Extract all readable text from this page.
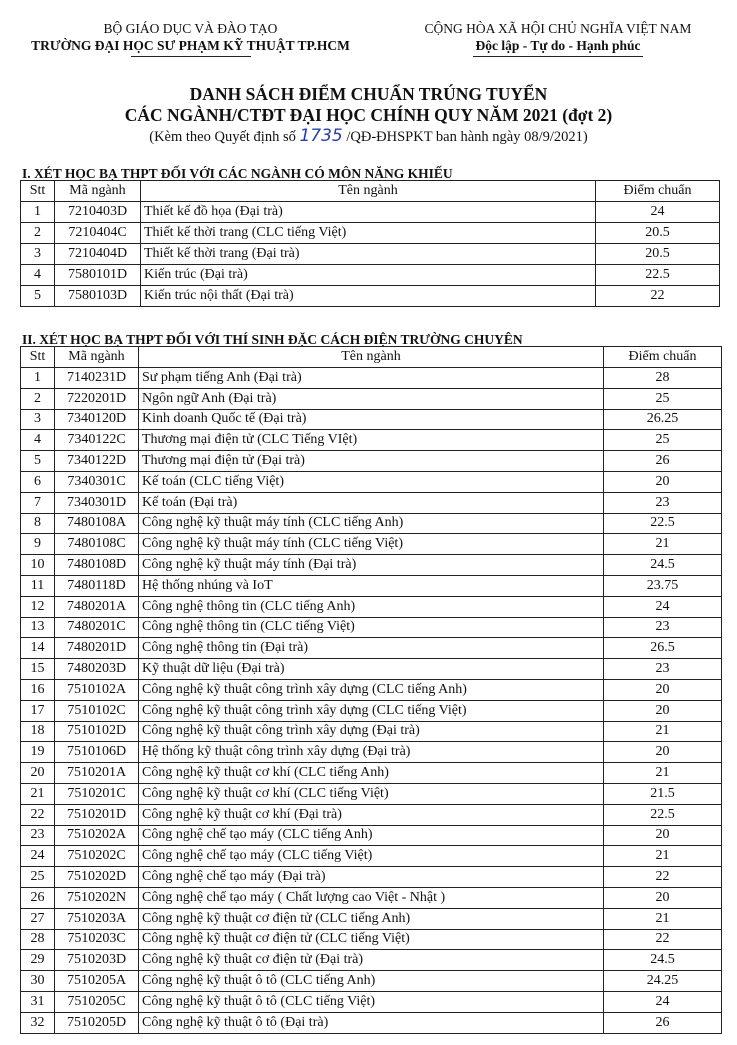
BỘ GIÁO DỤC VÀ ĐÀO TẠO
TRƯỜNG ĐẠI HỌC SƯ PHẠM KỸ THUẬT TP.HCM
CỘNG HÒA XÃ HỘI CHỦ NGHĨA VIỆT NAM
Độc lập - Tự do - Hạnh phúc
DANH SÁCH ĐIỂM CHUẨN TRÚNG TUYỂN
CÁC NGÀNH/CTĐT ĐẠI HỌC CHÍNH QUY NĂM 2021 (đợt 2)
(Kèm theo Quyết định số 1735 /QĐ-ĐHSPKT ban hành ngày 08/9/2021)
I. XÉT HỌC BẠ THPT ĐỐI VỚI CÁC NGÀNH CÓ MÔN NĂNG KHIẾU
Stt	Mã ngành	Tên ngành	Điểm chuẩn
1	7210403D	Thiết kế đồ họa (Đại trà)	24
2	7210404C	Thiết kế thời trang (CLC tiếng Việt)	20.5
3	7210404D	Thiết kế thời trang (Đại trà)	20.5
4	7580101D	Kiến trúc (Đại trà)	22.5
5	7580103D	Kiến trúc nội thất (Đại trà)	22
II. XÉT HỌC BẠ THPT ĐỐI VỚI THÍ SINH ĐẶC CÁCH ĐIỆN TRƯỜNG CHUYÊN
Stt	Mã ngành	Tên ngành	Điểm chuẩn
1	7140231D	Sư phạm tiếng Anh (Đại trà)	28
2	7220201D	Ngôn ngữ Anh (Đại trà)	25
3	7340120D	Kinh doanh Quốc tế (Đại trà)	26.25
4	7340122C	Thương mại điện tử (CLC Tiếng VIệt)	25
5	7340122D	Thương mại điện tử (Đại trà)	26
6	7340301C	Kế toán (CLC tiếng Việt)	20
7	7340301D	Kế toán (Đại trà)	23
8	7480108A	Công nghệ kỹ thuật máy tính (CLC tiếng Anh)	22.5
9	7480108C	Công nghệ kỹ thuật máy tính (CLC tiếng Việt)	21
10	7480108D	Công nghệ kỹ thuật máy tính (Đại trà)	24.5
11	7480118D	Hệ thống nhúng và IoT	23.75
12	7480201A	Công nghệ thông tin (CLC tiếng Anh)	24
13	7480201C	Công nghệ thông tin (CLC tiếng Việt)	23
14	7480201D	Công nghệ thông tin (Đại trà)	26.5
15	7480203D	Kỹ thuật dữ liệu (Đại trà)	23
16	7510102A	Công nghệ kỹ thuật công trình xây dựng (CLC tiếng Anh)	20
17	7510102C	Công nghệ kỹ thuật công trình xây dựng (CLC tiếng Việt)	20
18	7510102D	Công nghệ kỹ thuật công trình xây dựng (Đại trà)	21
19	7510106D	Hệ thống kỹ thuật công trình xây dựng (Đại trà)	20
20	7510201A	Công nghệ kỹ thuật cơ khí (CLC tiếng Anh)	21
21	7510201C	Công nghệ kỹ thuật cơ khí (CLC tiếng Việt)	21.5
22	7510201D	Công nghệ kỹ thuật cơ khí (Đại trà)	22.5
23	7510202A	Công nghệ chế tạo máy (CLC tiếng Anh)	20
24	7510202C	Công nghệ chế tạo máy (CLC tiếng Việt)	21
25	7510202D	Công nghệ chế tạo máy (Đại trà)	22
26	7510202N	Công nghệ chế tạo máy ( Chất lượng cao Việt - Nhật )	20
27	7510203A	Công nghệ kỹ thuật cơ điện tử (CLC tiếng Anh)	21
28	7510203C	Công nghệ kỹ thuật cơ điện tử (CLC tiếng Việt)	22
29	7510203D	Công nghệ kỹ thuật cơ điện tử (Đại trà)	24.5
30	7510205A	Công nghệ kỹ thuật ô tô (CLC tiếng Anh)	24.25
31	7510205C	Công nghệ kỹ thuật ô tô (CLC tiếng Việt)	24
32	7510205D	Công nghệ kỹ thuật ô tô (Đại trà)	26
